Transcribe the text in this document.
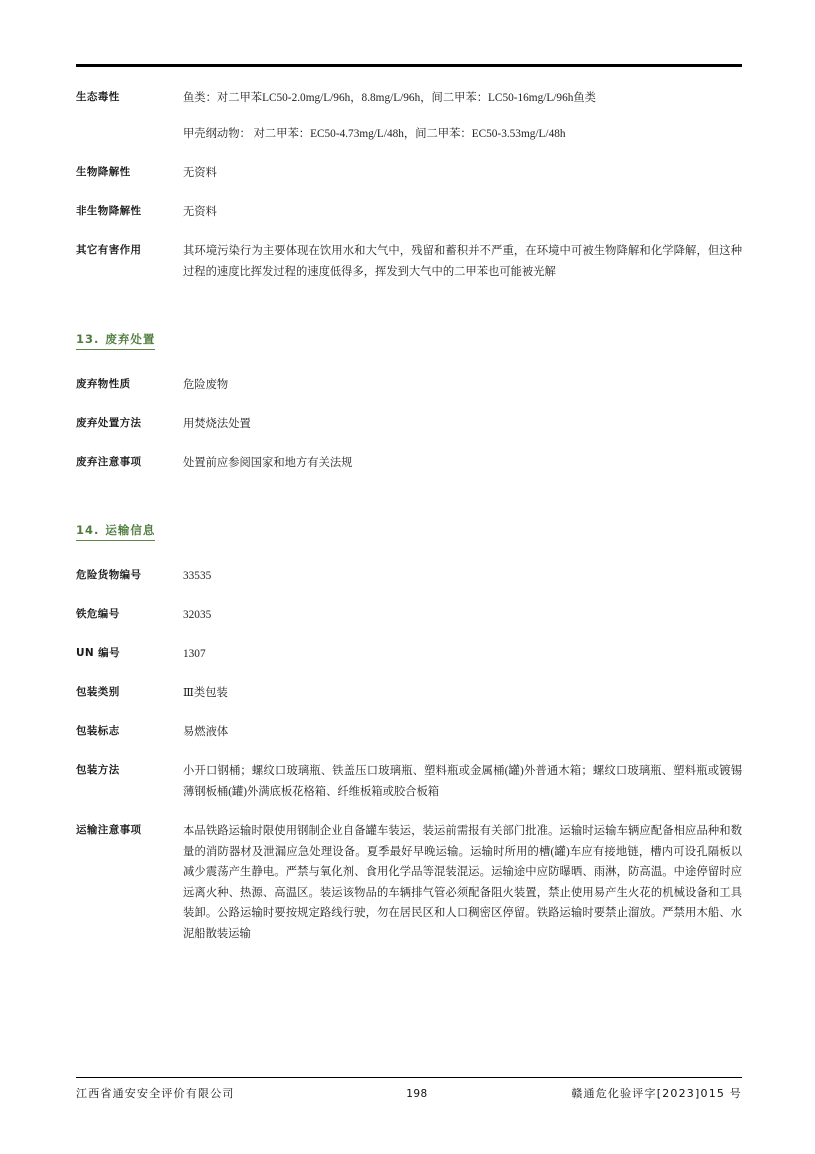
生态毒性	鱼类：对二甲苯LC50-2.0mg/L/96h，8.8mg/L/96h，间二甲苯：LC50-16mg/L/96h鱼类
甲壳纲动物： 对二甲苯：EC50-4.73mg/L/48h，间二甲苯：EC50-3.53mg/L/48h
生物降解性	无资料
非生物降解性	无资料
其它有害作用	其环境污染行为主要体现在饮用水和大气中，残留和蓄积并不严重，在环境中可被生物降解和化学降解，但这种过程的速度比挥发过程的速度低得多，挥发到大气中的二甲苯也可能被光解
13. 废弃处置
废弃物性质	危险废物
废弃处置方法	用焚烧法处置
废弃注意事项	处置前应参阅国家和地方有关法规
14. 运输信息
危险货物编号	33535
铁危编号	32035
UN 编号	1307
包装类别	Ⅲ类包装
包装标志	易燃液体
包装方法	小开口钢桶；螺纹口玻璃瓶、铁盖压口玻璃瓶、塑料瓶或金属桶(罐)外普通木箱；螺纹口玻璃瓶、塑料瓶或镀锡薄钢板桶(罐)外满底板花格箱、纤维板箱或胶合板箱
运输注意事项	本品铁路运输时限使用钢制企业自备罐车装运，装运前需报有关部门批准。运输时运输车辆应配备相应品种和数量的消防器材及泄漏应急处理设备。夏季最好早晚运输。运输时所用的槽(罐)车应有接地链，槽内可设孔隔板以减少震荡产生静电。严禁与氧化剂、食用化学品等混装混运。运输途中应防曝晒、雨淋，防高温。中途停留时应远离火种、热源、高温区。装运该物品的车辆排气管必须配备阻火装置，禁止使用易产生火花的机械设备和工具装卸。公路运输时要按规定路线行驶，勿在居民区和人口稠密区停留。铁路运输时要禁止溜放。严禁用木船、水泥船散装运输
江西省通安安全评价有限公司	198	赣通危化验评字[2023]015 号
